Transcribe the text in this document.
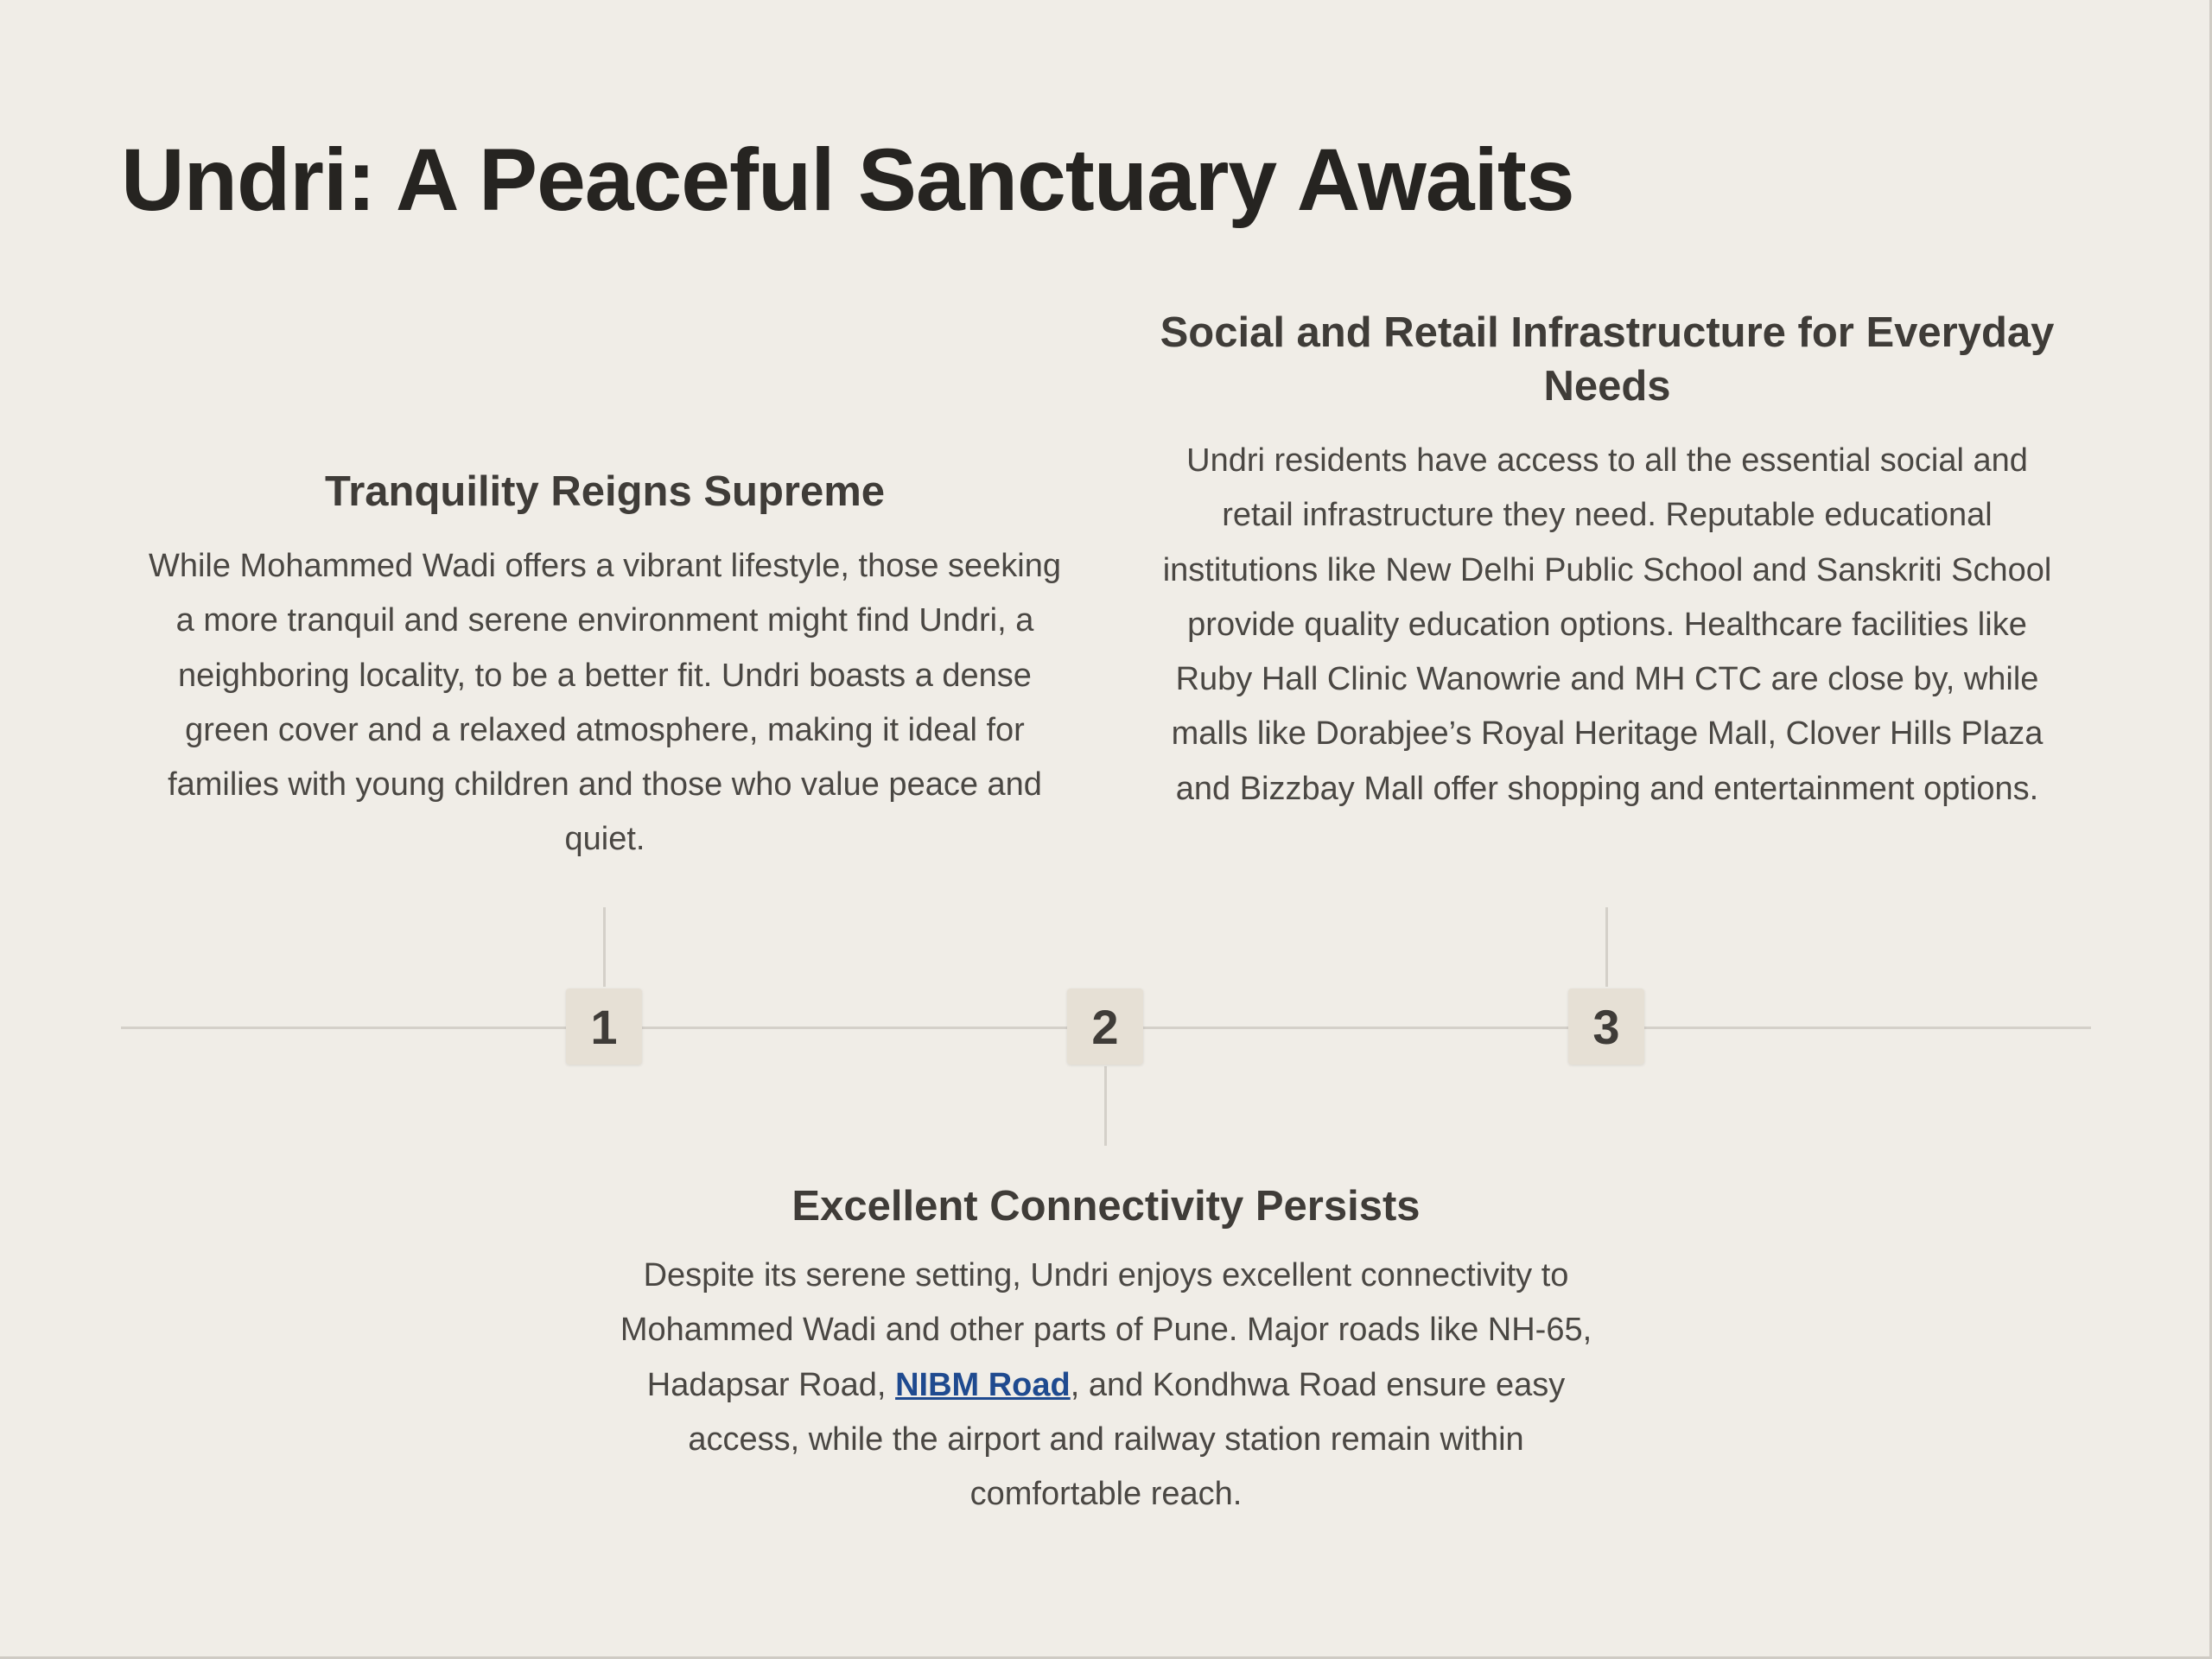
Undri: A Peaceful Sanctuary Awaits
Tranquility Reigns Supreme

While Mohammed Wadi offers a vibrant lifestyle, those seeking a more tranquil and serene environment might find Undri, a neighboring locality, to be a better fit. Undri boasts a dense green cover and a relaxed atmosphere, making it ideal for families with young children and those who value peace and quiet.

Social and Retail Infrastructure for Everyday Needs

Undri residents have access to all the essential social and retail infrastructure they need. Reputable educational institutions like New Delhi Public School and Sanskriti School provide quality education options. Healthcare facilities like Ruby Hall Clinic Wanowrie and MH CTC are close by, while malls like Dorabjee’s Royal Heritage Mall, Clover Hills Plaza and Bizzbay Mall offer shopping and entertainment options.

1	2	3
Excellent Connectivity Persists

Despite its serene setting, Undri enjoys excellent connectivity to Mohammed Wadi and other parts of Pune. Major roads like NH-65, Hadapsar Road, NIBM Road, and Kondhwa Road ensure easy access, while the airport and railway station remain within comfortable reach.
